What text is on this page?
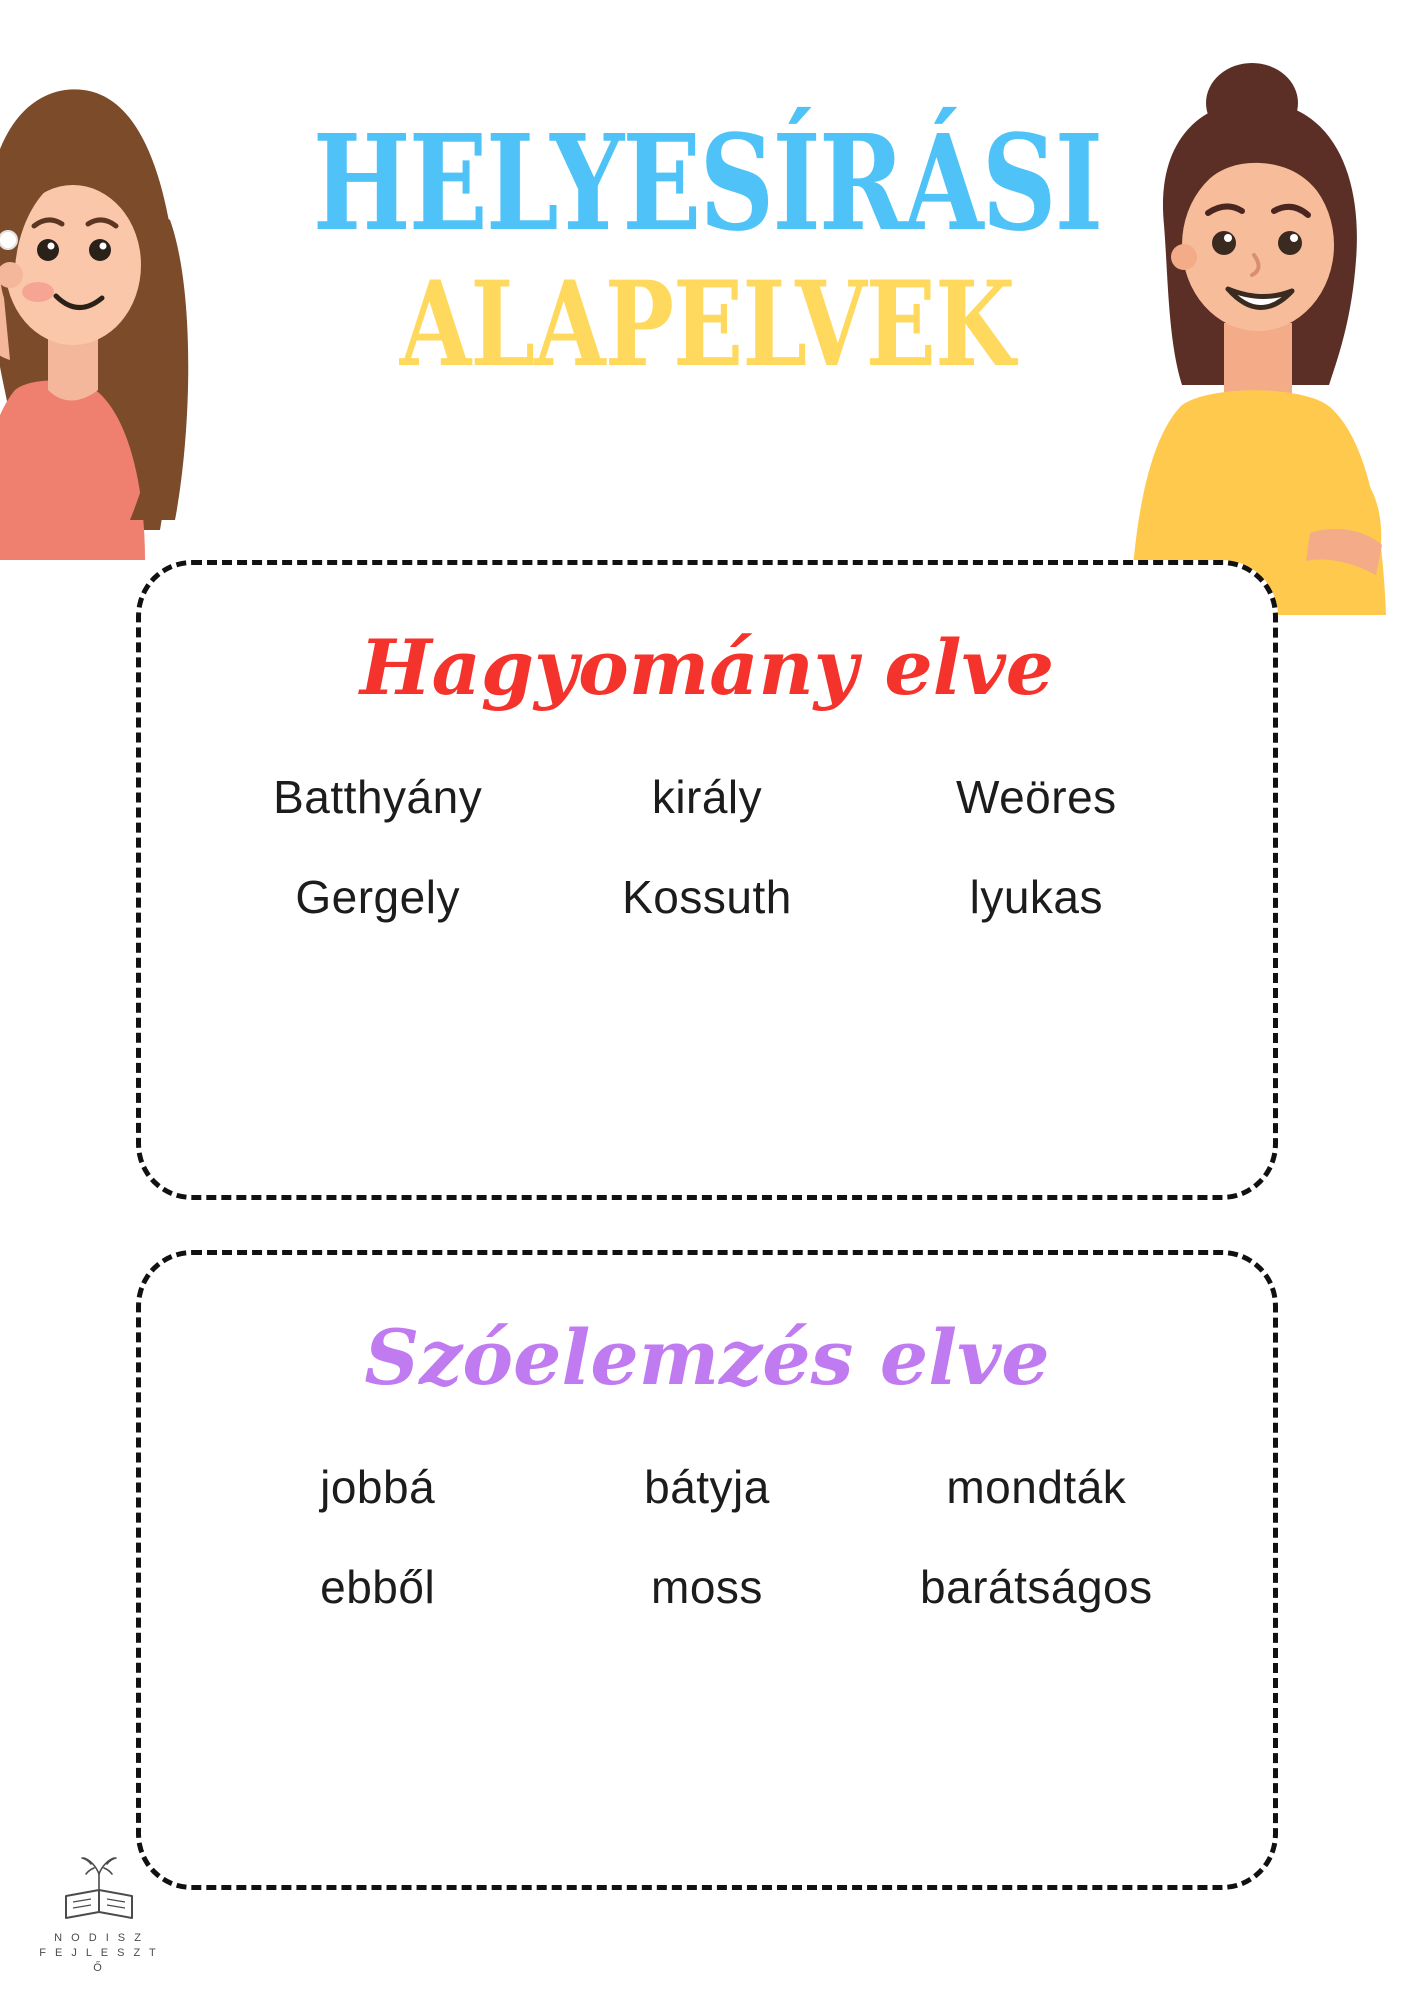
HELYESÍRÁSI
ALAPELVEK
Hagyomány elve
Batthyány	király	Weöres
Gergely	Kossuth	lyukas
Szóelemzés elve
jobbá	bátyja	mondták
ebből	moss	barátságos
N O D I S Z
F E J L E S Z T Ő
